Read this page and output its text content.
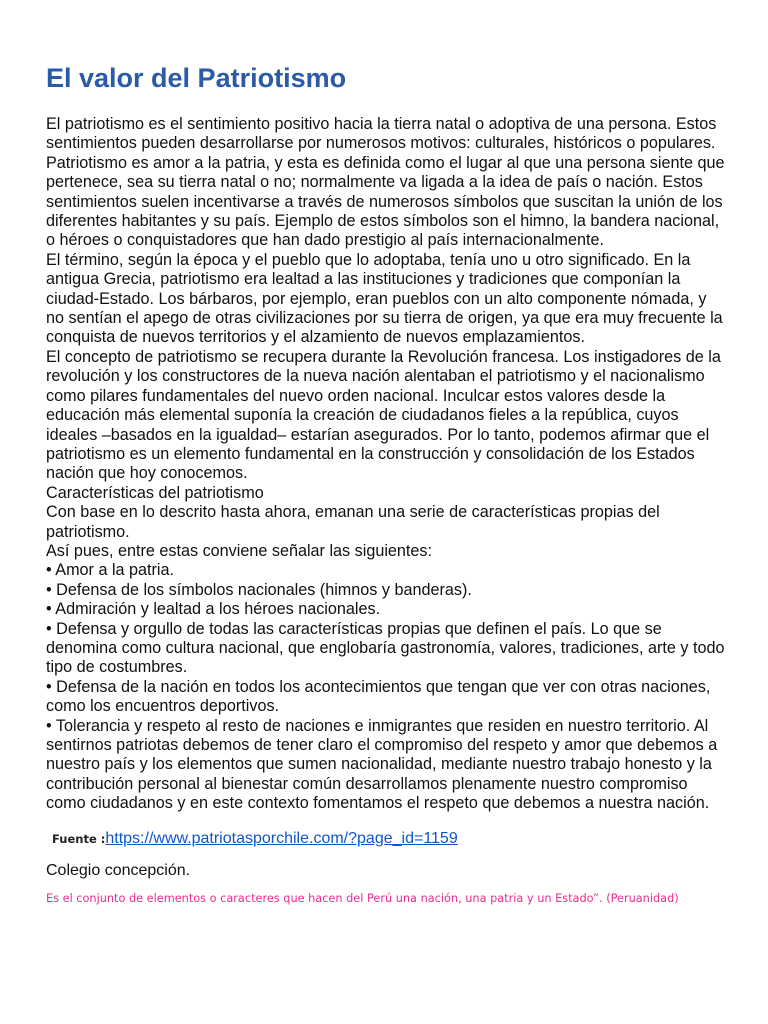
El valor del Patriotismo

El patriotismo es el sentimiento positivo hacia la tierra natal o adoptiva de una persona. Estos sentimientos pueden desarrollarse por numerosos motivos: culturales, históricos o populares. Patriotismo es amor a la patria, y esta es definida como el lugar al que una persona siente que pertenece, sea su tierra natal o no; normalmente va ligada a la idea de país o nación. Estos sentimientos suelen incentivarse a través de numerosos símbolos que suscitan la unión de los diferentes habitantes y su país. Ejemplo de estos símbolos son el himno, la bandera nacional, o héroes o conquistadores que han dado prestigio al país internacionalmente.

El término, según la época y el pueblo que lo adoptaba, tenía uno u otro significado. En la antigua Grecia, patriotismo era lealtad a las instituciones y tradiciones que componían la ciudad-Estado. Los bárbaros, por ejemplo, eran pueblos con un alto componente nómada, y no sentían el apego de otras civilizaciones por su tierra de origen, ya que era muy frecuente la conquista de nuevos territorios y el alzamiento de nuevos emplazamientos.

El concepto de patriotismo se recupera durante la Revolución francesa. Los instigadores de la revolución y los constructores de la nueva nación alentaban el patriotismo y el nacionalismo como pilares fundamentales del nuevo orden nacional. Inculcar estos valores desde la educación más elemental suponía la creación de ciudadanos fieles a la república, cuyos ideales –basados en la igualdad– estarían asegurados. Por lo tanto, podemos afirmar que el patriotismo es un elemento fundamental en la construcción y consolidación de los Estados nación que hoy conocemos.

Características del patriotismo

Con base en lo descrito hasta ahora, emanan una serie de características propias del patriotismo.

Así pues, entre estas conviene señalar las siguientes:

• Amor a la patria.

• Defensa de los símbolos nacionales (himnos y banderas).

• Admiración y lealtad a los héroes nacionales.

• Defensa y orgullo de todas las características propias que definen el país. Lo que se denomina como cultura nacional, que englobaría gastronomía, valores, tradiciones, arte y todo tipo de costumbres.

• Defensa de la nación en todos los acontecimientos que tengan que ver con otras naciones, como los encuentros deportivos.

• Tolerancia y respeto al resto de naciones e inmigrantes que residen en nuestro territorio. Al sentirnos patriotas debemos de tener claro el compromiso del respeto y amor que debemos a nuestro país y los elementos que sumen nacionalidad, mediante nuestro trabajo honesto y la contribución personal al bienestar común desarrollamos plenamente nuestro compromiso como ciudadanos y en este contexto fomentamos el respeto que debemos a nuestra nación.

Fuente : https://www.patriotasporchile.com/?page_id=1159
Colegio concepción.
Es el conjunto de elementos o caracteres que hacen del Perú una nación, una patria y un Estado”. (Peruanidad)
